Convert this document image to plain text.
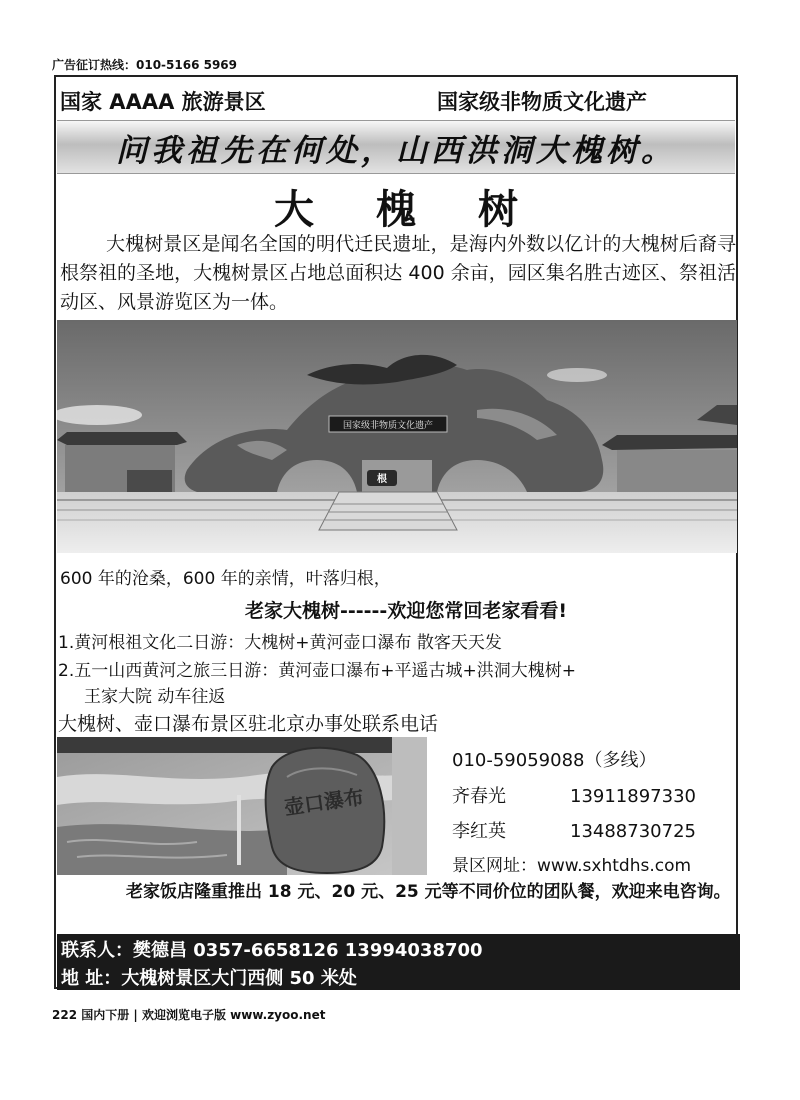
广告征订热线：010-5166 5969
国家 AAAA 旅游景区	国家级非物质文化遗产
问我祖先在何处，山西洪洞大槐树。
大槐树
大槐树景区是闻名全国的明代迁民遗址，是海内外数以亿计的大槐树后裔寻根祭祖的圣地，大槐树景区占地总面积达 400 余亩，园区集名胜古迹区、祭祖活动区、风景游览区为一体。
国家级非物质文化遗产
根
600 年的沧桑，600 年的亲情，叶落归根，
老家大槐树------欢迎您常回老家看看!
1.黄河根祖文化二日游：大槐树+黄河壶口瀑布 散客天天发
2.五一山西黄河之旅三日游：黄河壶口瀑布+平遥古城+洪洞大槐树+
王家大院 动车往返
大槐树、壶口瀑布景区驻北京办事处联系电话
壶口瀑布
010-59059088（多线）
齐春光	13911897330
李红英	13488730725
景区网址：www.sxhtdhs.com
老家饭店隆重推出 18 元、20 元、25 元等不同价位的团队餐，欢迎来电咨询。
联系人：樊德昌 0357-6658126 13994038700
地 址：大槐树景区大门西侧 50 米处
222 国内下册 | 欢迎浏览电子版 www.zyoo.net
